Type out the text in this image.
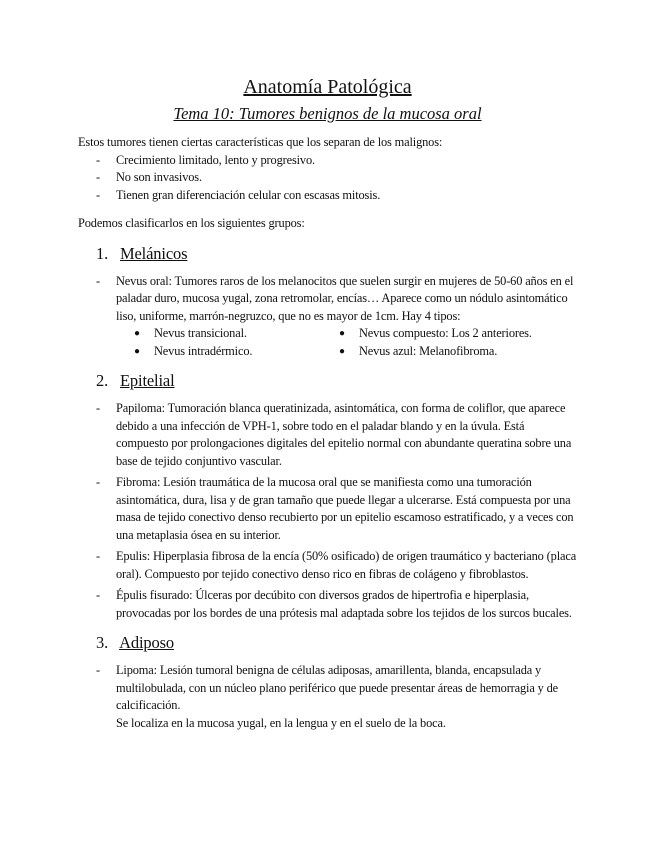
Anatomía Patológica
Tema 10: Tumores benignos de la mucosa oral

Estos tumores tienen ciertas características que los separan de los malignos:

- Crecimiento limitado, lento y progresivo.
- No son invasivos.
- Tienen gran diferenciación celular con escasas mitosis.

Podemos clasificarlos en los siguientes grupos:

1. Melánicos
- Nevus oral: Tumores raros de los melanocitos que suelen surgir en mujeres de 50-60 años en el paladar duro, mucosa yugal, zona retromolar, encías… Aparece como un nódulo asintomático liso, uniforme, marrón-negruzco, que no es mayor de 1cm. Hay 4 tipos:
● Nevus transicional.	● Nevus compuesto: Los 2 anteriores.
● Nevus intradérmico.	● Nevus azul: Melanofibroma.
2. Epitelial
- Papiloma: Tumoración blanca queratinizada, asintomática, con forma de coliflor, que aparece debido a una infección de VPH-1, sobre todo en el paladar blando y en la úvula. Está compuesto por prolongaciones digitales del epitelio normal con abundante queratina sobre una base de tejido conjuntivo vascular.
- Fibroma: Lesión traumática de la mucosa oral que se manifiesta como una tumoración asintomática, dura, lisa y de gran tamaño que puede llegar a ulcerarse. Está compuesta por una masa de tejido conectivo denso recubierto por un epitelio escamoso estratificado, y a veces con una metaplasia ósea en su interior.
- Epulis: Hiperplasia fibrosa de la encía (50% osificado) de origen traumático y bacteriano (placa oral). Compuesto por tejido conectivo denso rico en fibras de colágeno y fibroblastos.
- Épulis fisurado: Úlceras por decúbito con diversos grados de hipertrofia e hiperplasia, provocadas por los bordes de una prótesis mal adaptada sobre los tejidos de los surcos bucales.
3. Adiposo
- Lipoma: Lesión tumoral benigna de células adiposas, amarillenta, blanda, encapsulada y multilobulada, con un núcleo plano periférico que puede presentar áreas de hemorragia y de calcificación.

Se localiza en la mucosa yugal, en la lengua y en el suelo de la boca.
